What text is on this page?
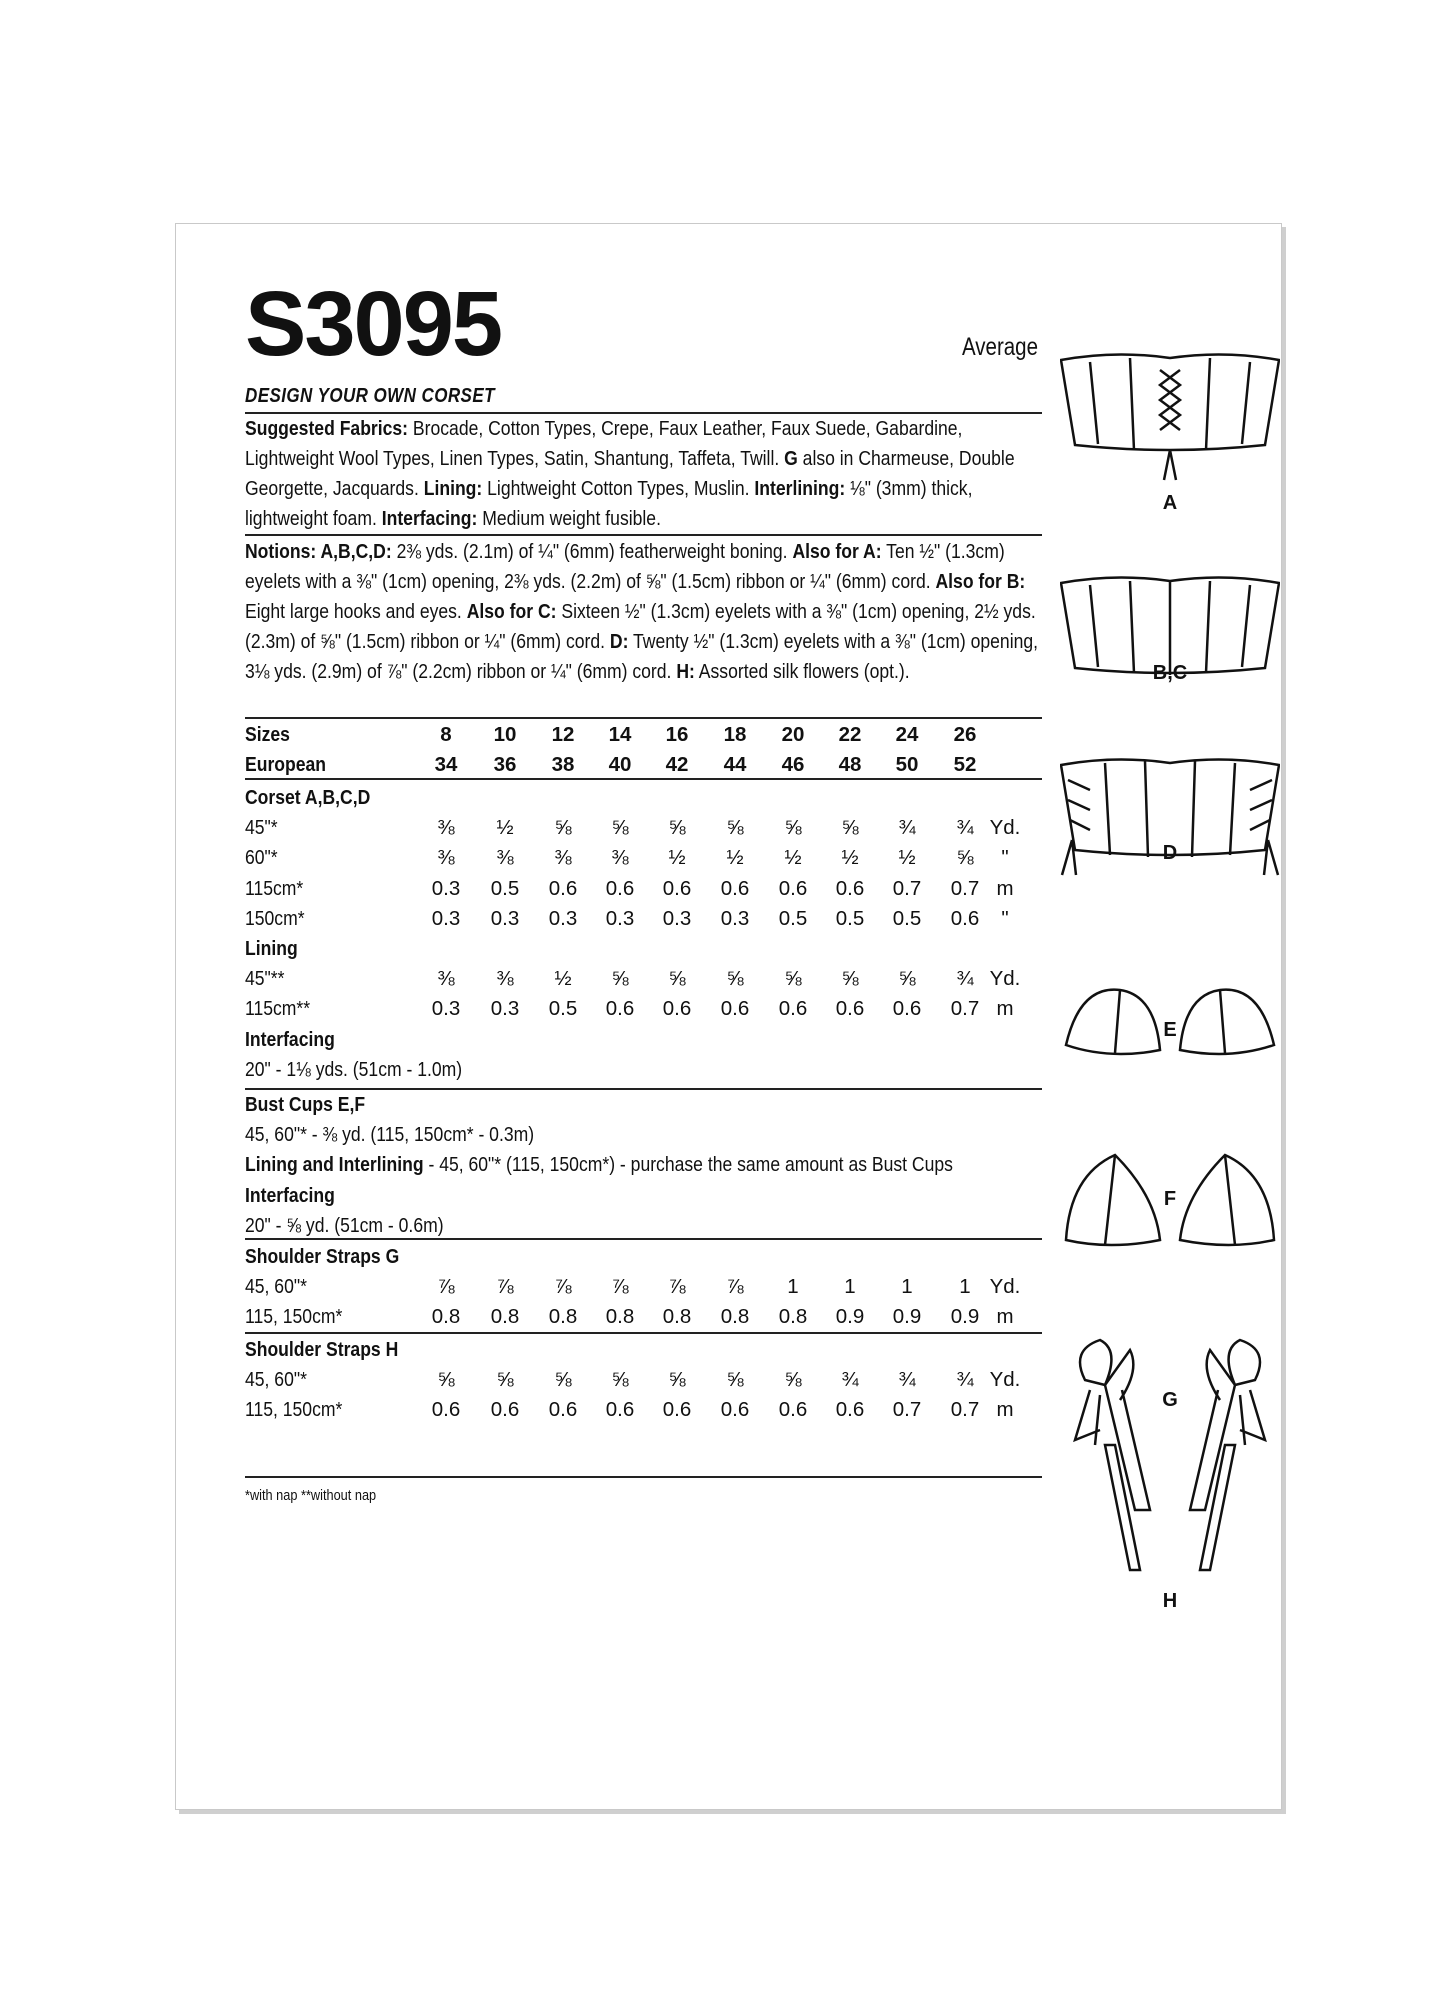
S3095	Average
DESIGN YOUR OWN CORSET
Suggested Fabrics: Brocade, Cotton Types, Crepe, Faux Leather, Faux Suede, Gabardine, Lightweight Wool Types, Linen Types, Satin, Shantung, Taffeta, Twill. G also in Charmeuse, Double Georgette, Jacquards. Lining: Lightweight Cotton Types, Muslin. Interlining: ⅛" (3mm) thick, lightweight foam. Interfacing: Medium weight fusible.
Notions: A,B,C,D: 2⅜ yds. (2.1m) of ¼" (6mm) featherweight boning. Also for A: Ten ½" (1.3cm) eyelets with a ⅜" (1cm) opening, 2⅜ yds. (2.2m) of ⅝" (1.5cm) ribbon or ¼" (6mm) cord. Also for B: Eight large hooks and eyes. Also for C: Sixteen ½" (1.3cm) eyelets with a ⅜" (1cm) opening, 2½ yds. (2.3m) of ⅝" (1.5cm) ribbon or ¼" (6mm) cord. D: Twenty ½" (1.3cm) eyelets with a ⅜" (1cm) opening, 3⅛ yds. (2.9m) of ⅞" (2.2cm) ribbon or ¼" (6mm) cord. H: Assorted silk flowers (opt.).
Sizes	8	10	12	14	16	18	20	22	24	26
European	34	36	38	40	42	44	46	48	50	52
Corset A,B,C,D
45"*	⅜	½	⅝	⅝	⅝	⅝	⅝	⅝	¾	¾ Yd.
60"*	⅜	⅜	⅜	⅜	½	½	½	½	½	⅝	"
115cm*	0.3 0.5 0.6 0.6 0.6 0.6 0.6 0.6 0.7 0.7 m
150cm*	0.3 0.3 0.3 0.3 0.3 0.3 0.5 0.5 0.5 0.6	"
Lining
45"**	⅜	⅜	½	⅝	⅝	⅝	⅝	⅝	⅝	¾ Yd.
115cm**	0.3 0.3 0.5 0.6 0.6 0.6 0.6 0.6 0.6 0.7 m
Interfacing
20" - 1⅛ yds. (51cm - 1.0m)
Bust Cups E,F
45, 60"* - ⅜ yd. (115, 150cm* - 0.3m)
Lining and Interlining - 45, 60"* (115, 150cm*) - purchase the same amount as Bust Cups
Interfacing
20" - ⅝ yd. (51cm - 0.6m)
Shoulder Straps G
45, 60"*	⅞	⅞	⅞	⅞	⅞	⅞	1	1	1	1 Yd.
115, 150cm*	0.8 0.8 0.8 0.8 0.8 0.8 0.8 0.9 0.9 0.9 m
Shoulder Straps H
45, 60"*	⅝	⅝	⅝	⅝	⅝	⅝	⅝	¾	¾	¾ Yd.
115, 150cm*	0.6 0.6 0.6 0.6 0.6 0.6 0.6 0.6 0.7 0.7 m
*with nap **without nap
A
B,C
D
E
F
G
H
